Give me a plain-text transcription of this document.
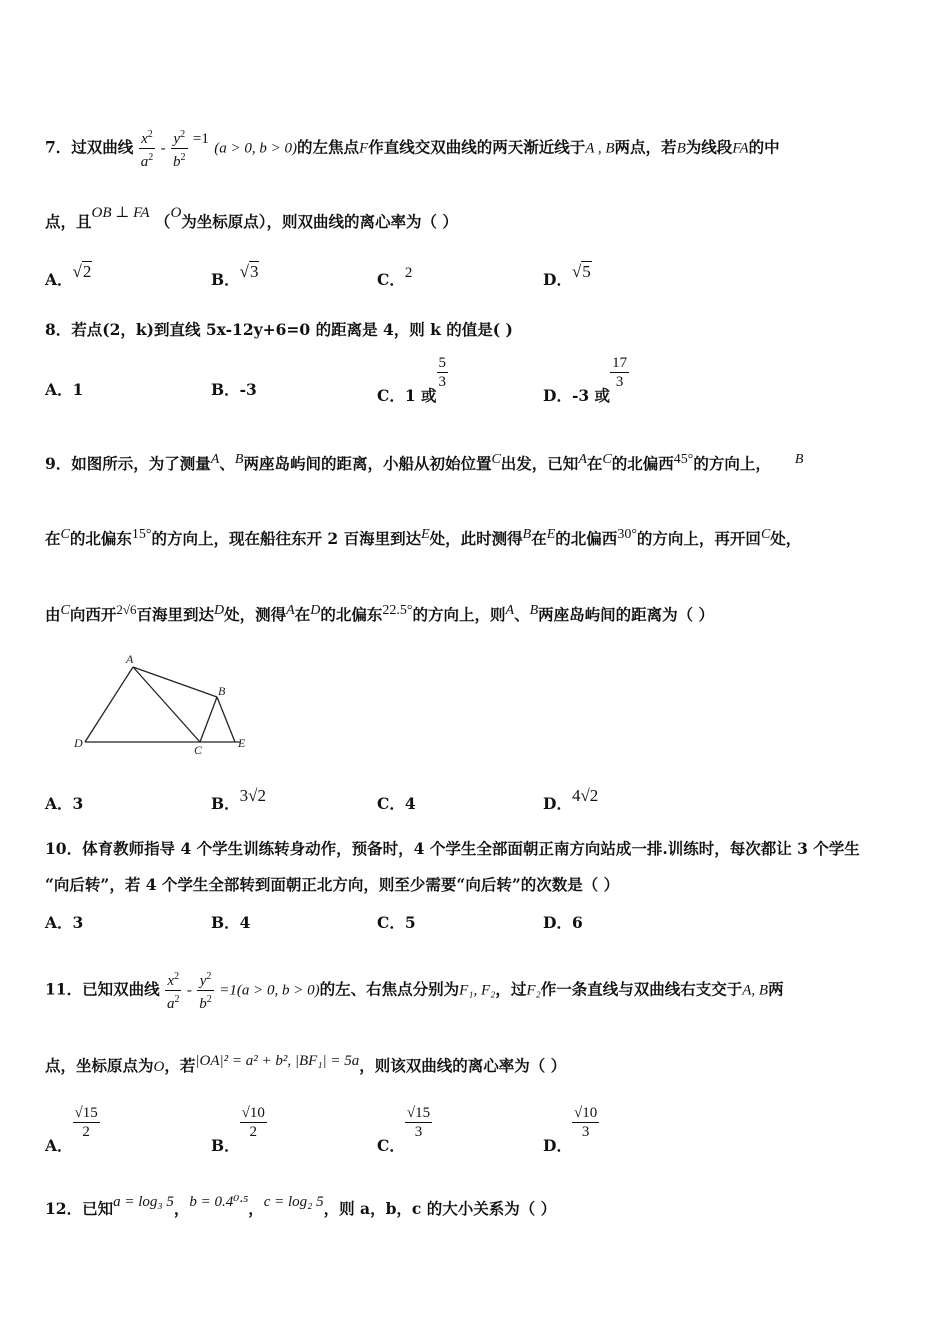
7．过双曲线 $\frac{x^2}{a^2} - \frac{y^2}{b^2} =1$ (a > 0, b > 0)的左焦点F作直线交双曲线的两天渐近线于A , B两点，若B为线段FA的中
点，且OB ⊥ FA （O为坐标原点），则双曲线的离心率为（ ）
A．√2	B．√3	C．2	D．√5
8．若点(2，k)到直线 5x-12y+6=0 的距离是 4，则 k 的值是( )
A．1	B．-3	C．1 或
$\frac{5}{3}$
D．-3 或
$\frac{17}{3}$
9．如图所示，为了测量A、B两座岛屿间的距离，小船从初始位置C出发，已知A在C的北偏西45°的方向上， B
在C的北偏东15°的方向上，现在船往东开 2 百海里到达E处，此时测得B在E的北偏西30°的方向上，再开回C处，
由C向西开$^{2√6}$百海里到达D处，测得A在D的北偏东22.5°的方向上，则A、B两座岛屿间的距离为（ ）
A
B
C
D	E
A．3	B．3√2	C．4	D．4√2
10．体育教师指导 4 个学生训练转身动作，预备时，4 个学生全部面朝正南方向站成一排.训练时，每次都让 3 个学生
“向后转”，若 4 个学生全部转到面朝正北方向，则至少需要“向后转”的次数是（ ）
A．3	B．4	C．5	D．6
11．已知双曲线 $\frac{x^2}{a^2} - \frac{y^2}{b^2} =1(a > 0$, b > 0)的左、右焦点分别为F₁, F₂，过F₂作一条直线与双曲线右支交于A, B两
点，坐标原点为O，若|OA|² = a² + b², |BF₁| = 5a，则该双曲线的离心率为（ ）
A．
$\frac{√15}{2}$
B．
$\frac{√10}{2}$
C．
$\frac{√15}{3}$
D．
$\frac{√10}{3}$
12．已知a = log₃ 5，b = 0.4⁰·⁵，c = log₂ 5，则 a，b，c 的大小关系为（ ）
